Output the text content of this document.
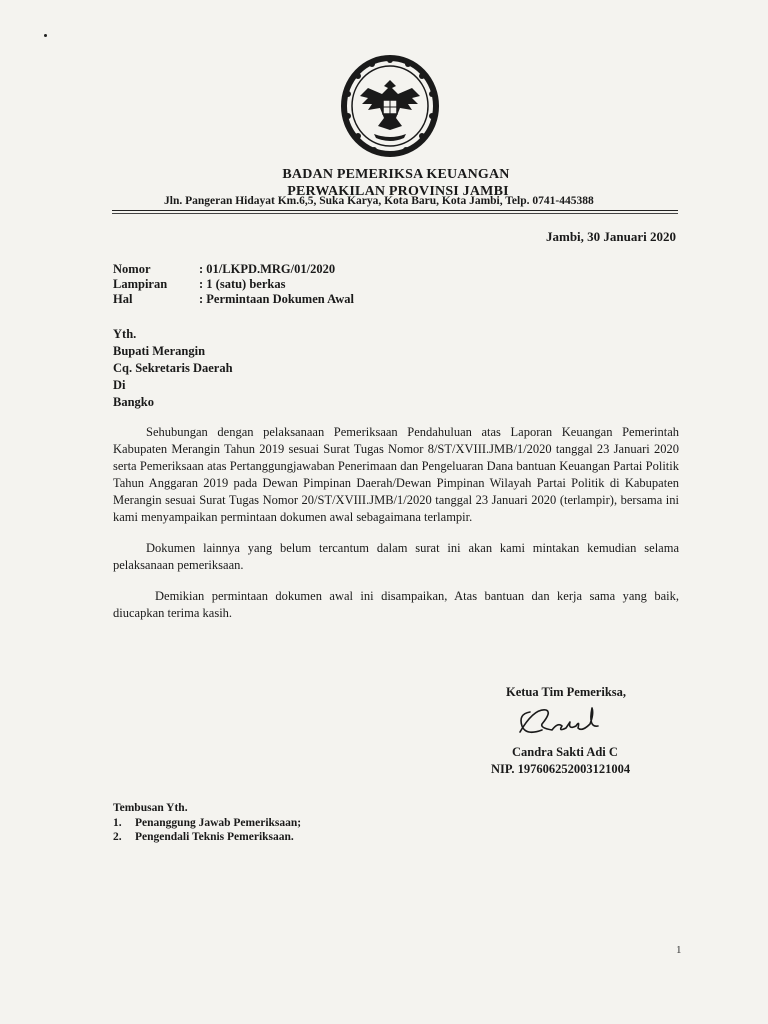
BADAN PEMERIKSA KEUANGAN
PERWAKILAN PROVINSI JAMBI
Jln. Pangeran Hidayat Km.6,5, Suka Karya, Kota Baru, Kota Jambi, Telp. 0741-445388
Jambi, 30 Januari 2020
Nomor	: 01/LKPD.MRG/01/2020
Lampiran	: 1 (satu) berkas
Hal	: Permintaan Dokumen Awal
Yth.
Bupati Merangin
Cq. Sekretaris Daerah
Di
Bangko

Sehubungan dengan pelaksanaan Pemeriksaan Pendahuluan atas Laporan Keuangan Pemerintah Kabupaten Merangin Tahun 2019 sesuai Surat Tugas Nomor 8/ST/XVIII.JMB/1/2020 tanggal 23 Januari 2020 serta Pemeriksaan atas Pertanggungjawaban Penerimaan dan Pengeluaran Dana bantuan Keuangan Partai Politik Tahun Anggaran 2019 pada Dewan Pimpinan Daerah/Dewan Pimpinan Wilayah Partai Politik di Kabupaten Merangin sesuai Surat Tugas Nomor 20/ST/XVIII.JMB/1/2020 tanggal 23 Januari 2020 (terlampir), bersama ini kami menyampaikan permintaan dokumen awal sebagaimana terlampir.

Dokumen lainnya yang belum tercantum dalam surat ini akan kami mintakan kemudian selama pelaksanaan pemeriksaan.

Demikian permintaan dokumen awal ini disampaikan, Atas bantuan dan kerja sama yang baik, diucapkan terima kasih.

Ketua Tim Pemeriksa,
Candra Sakti Adi C
NIP. 197606252003121004
Tembusan Yth.
1.	Penanggung Jawab Pemeriksaan;
2.	Pengendali Teknis Pemeriksaan.
1
